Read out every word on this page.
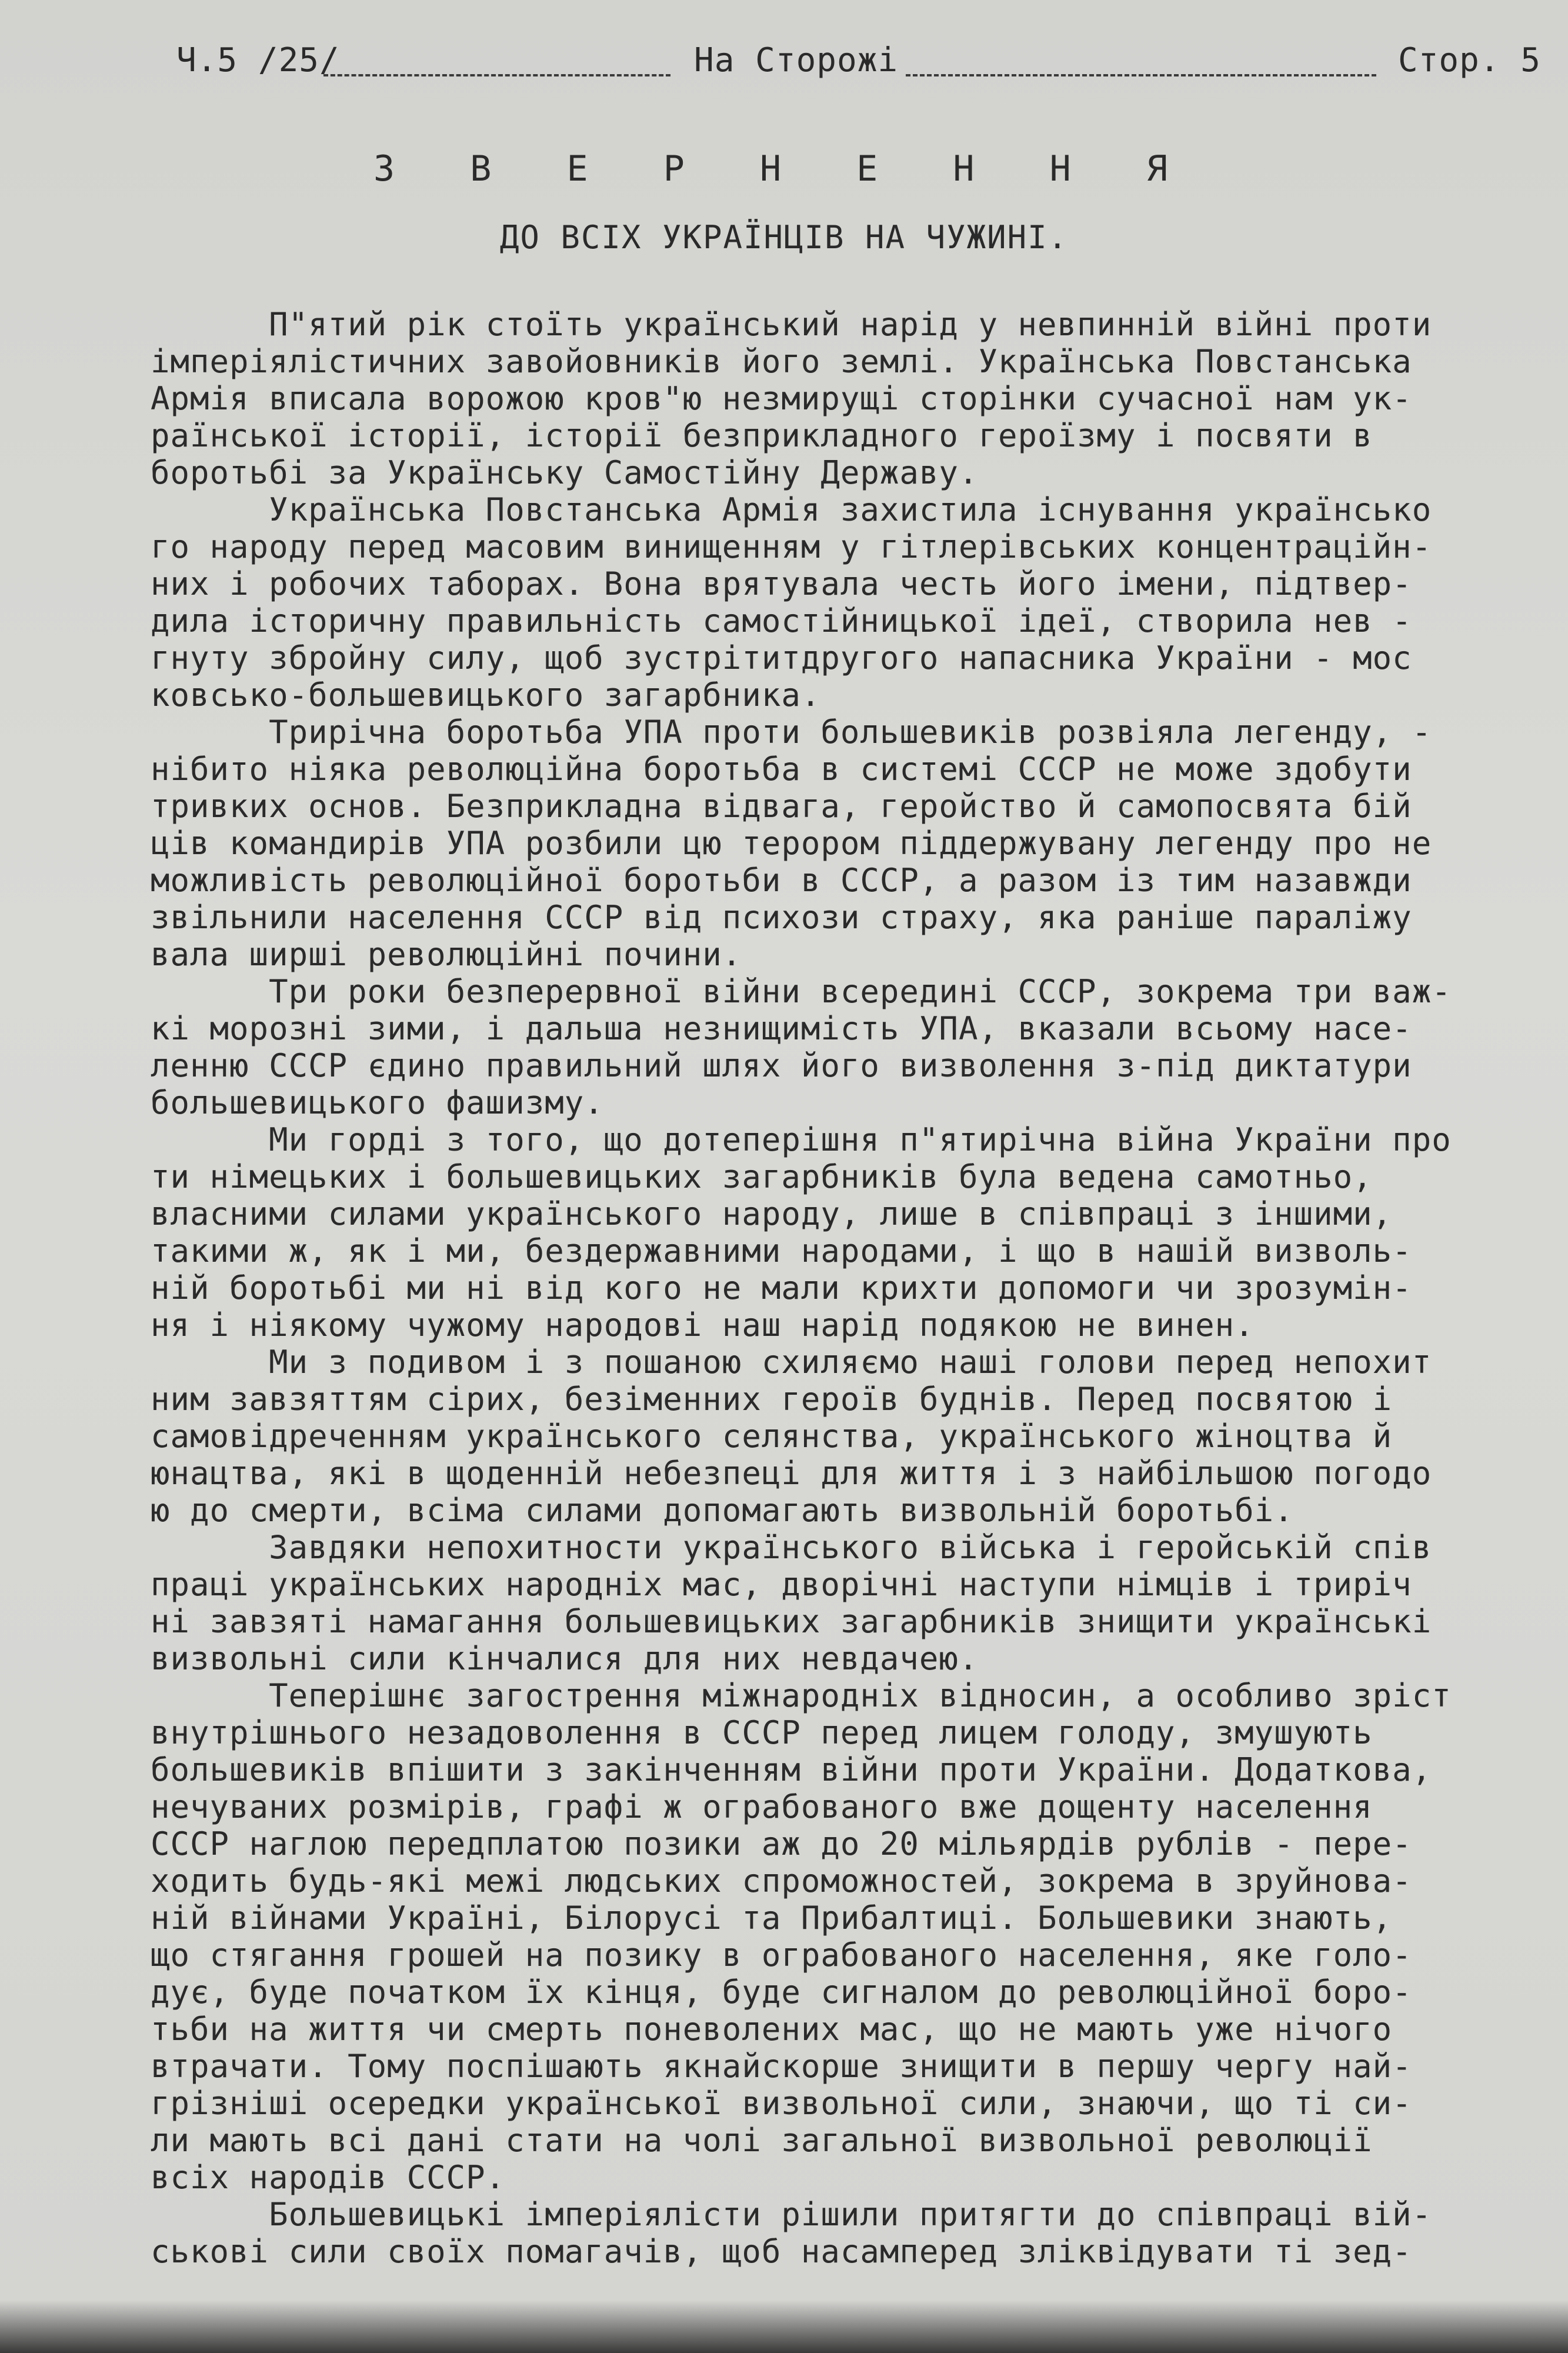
Ч.5 /25/	На Сторожі	Стор. 5
З В Е Р Н Е Н Н Я
ДО ВСІХ УКРАЇНЦІВ НА ЧУЖИНІ.
П"ятий рік стоїть український нарід у невпинній війні проти
імперіялістичних завойовників його землі. Українська Повстанська
Армія вписала ворожою кров"ю незмирущі сторінки сучасної нам ук-
раїнської історії, історії безприкладного героїзму і посвяти в
боротьбі за Українську Самостійну Державу.
Українська Повстанська Армія захистила існування українсько
го народу перед масовим винищенням у гітлерівських концентраційн-
них і робочих таборах. Вона врятувала честь його імени, підтвер-
дила історичну правильність самостійницької ідеї, створила нев -
гнуту збройну силу, щоб зустрітитдругого напасника України - мос
ковсько-большевицького загарбника.
Трирічна боротьба УПА проти большевиків розвіяла легенду, -
нібито ніяка революційна боротьба в системі СССР не може здобути
тривких основ. Безприкладна відвага, геройство й самопосвята бій
ців командирів УПА розбили цю терором піддержувану легенду про не
можливість революційної боротьби в СССР, а разом із тим назавжди
звільнили населення СССР від психози страху, яка раніше параліжу
вала ширші революційні почини.
Три роки безперервної війни всередині СССР, зокрема три важ-
кі морозні зими, і дальша незнищимість УПА, вказали всьому насе-
ленню СССР єдино правильний шлях його визволення з-під диктатури
большевицького фашизму.
Ми горді з того, що дотеперішня п"ятирічна війна України про
ти німецьких і большевицьких загарбників була ведена самотньо,
власними силами українського народу, лише в співпраці з іншими,
такими ж, як і ми, бездержавними народами, і що в нашій визволь-
ній боротьбі ми ні від кого не мали крихти допомоги чи зрозумін-
ня і ніякому чужому народові наш нарід подякою не винен.
Ми з подивом і з пошаною схиляємо наші голови перед непохит
ним завзяттям сірих, безіменних героїв буднів. Перед посвятою і
самовідреченням українського селянства, українського жіноцтва й
юнацтва, які в щоденній небезпеці для життя і з найбільшою погодо
ю до смерти, всіма силами допомагають визвольній боротьбі.
Завдяки непохитности українського війська і геройській спів
праці українських народніх мас, дворічні наступи німців і триріч
ні завзяті намагання большевицьких загарбників знищити українські
визвольні сили кінчалися для них невдачею.
Теперішнє загострення міжнародніх відносин, а особливо зріст
внутрішнього незадоволення в СССР перед лицем голоду, змушують
большевиків впішити з закінченням війни проти України. Додаткова,
нечуваних розмірів, графі ж ограбованого вже дощенту населення
СССР наглою передплатою позики аж до 20 мільярдів рублів - пере-
ходить будь-які межі людських спроможностей, зокрема в зруйнова-
ній війнами Україні, Білорусі та Прибалтиці. Большевики знають,
що стягання грошей на позику в ограбованого населення, яке голо-
дує, буде початком їх кінця, буде сигналом до революційної боро-
тьби на життя чи смерть поневолених мас, що не мають уже нічого
втрачати. Тому поспішають якнайскорше знищити в першу чергу най-
грізніші осередки української визвольної сили, знаючи, що ті си-
ли мають всі дані стати на чолі загальної визвольної революції
всіх народів СССР.
Большевицькі імперіялісти рішили притягти до співпраці вій-
ськові сили своїх помагачів, щоб насамперед зліквідувати ті зед-
